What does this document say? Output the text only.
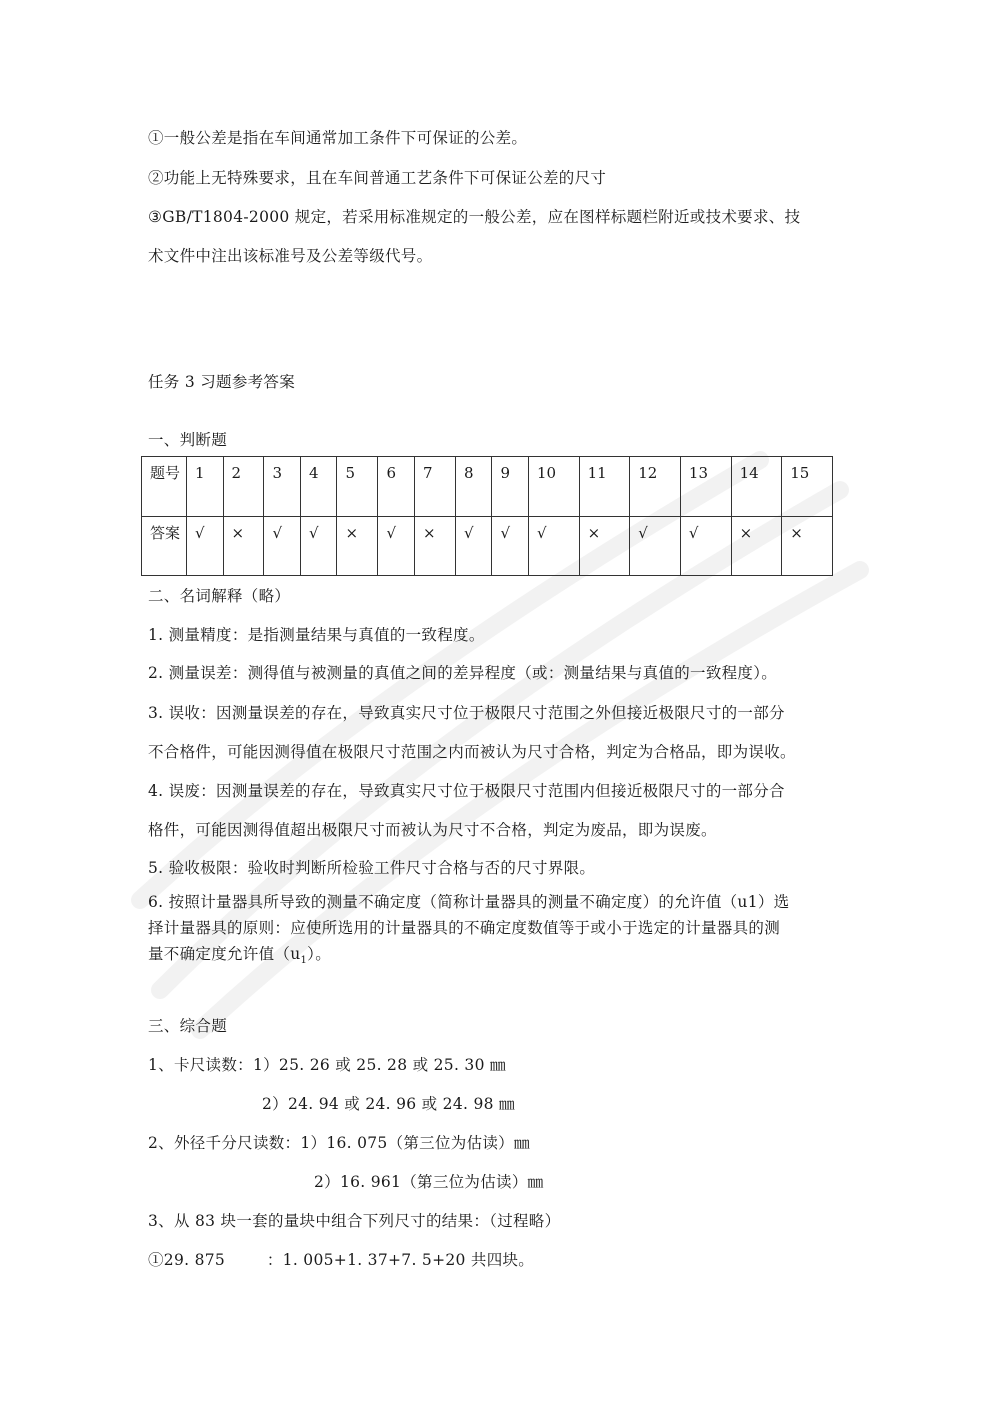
①一般公差是指在车间通常加工条件下可保证的公差。
②功能上无特殊要求，且在车间普通工艺条件下可保证公差的尺寸
③GB/T1804-2000 规定，若采用标准规定的一般公差，应在图样标题栏附近或技术要求、技
术文件中注出该标准号及公差等级代号。
任务 3 习题参考答案
一、判断题
题号	1	2	3	4	5	6	7	8	9	10	11	12	13	14	15
答案	√	×	√	√	×	√	×	√	√	√	×	√	√	×	×
二、名词解释（略）
1. 测量精度：是指测量结果与真值的一致程度。
2. 测量误差：测得值与被测量的真值之间的差异程度（或：测量结果与真值的一致程度）。
3. 误收：因测量误差的存在，导致真实尺寸位于极限尺寸范围之外但接近极限尺寸的一部分
不合格件，可能因测得值在极限尺寸范围之内而被认为尺寸合格，判定为合格品，即为误收。
4. 误废：因测量误差的存在，导致真实尺寸位于极限尺寸范围内但接近极限尺寸的一部分合
格件，可能因测得值超出极限尺寸而被认为尺寸不合格，判定为废品，即为误废。
5. 验收极限：验收时判断所检验工件尺寸合格与否的尺寸界限。
6. 按照计量器具所导致的测量不确定度（简称计量器具的测量不确定度）的允许值（u1）选
择计量器具的原则：应使所选用的计量器具的不确定度数值等于或小于选定的计量器具的测
量不确定度允许值$(u_1)$。
三、综合题
1、卡尺读数：1）25. 26 或 25. 28 或 25. 30 ㎜
2）24. 94 或 24. 96 或 24. 98 ㎜
2、外径千分尺读数：1）16. 075（第三位为估读）㎜
2）16. 961（第三位为估读）㎜
3、从 83 块一套的量块中组合下列尺寸的结果：（过程略）
①29. 875        ：1. 005+1. 37+7. 5+20 共四块。
